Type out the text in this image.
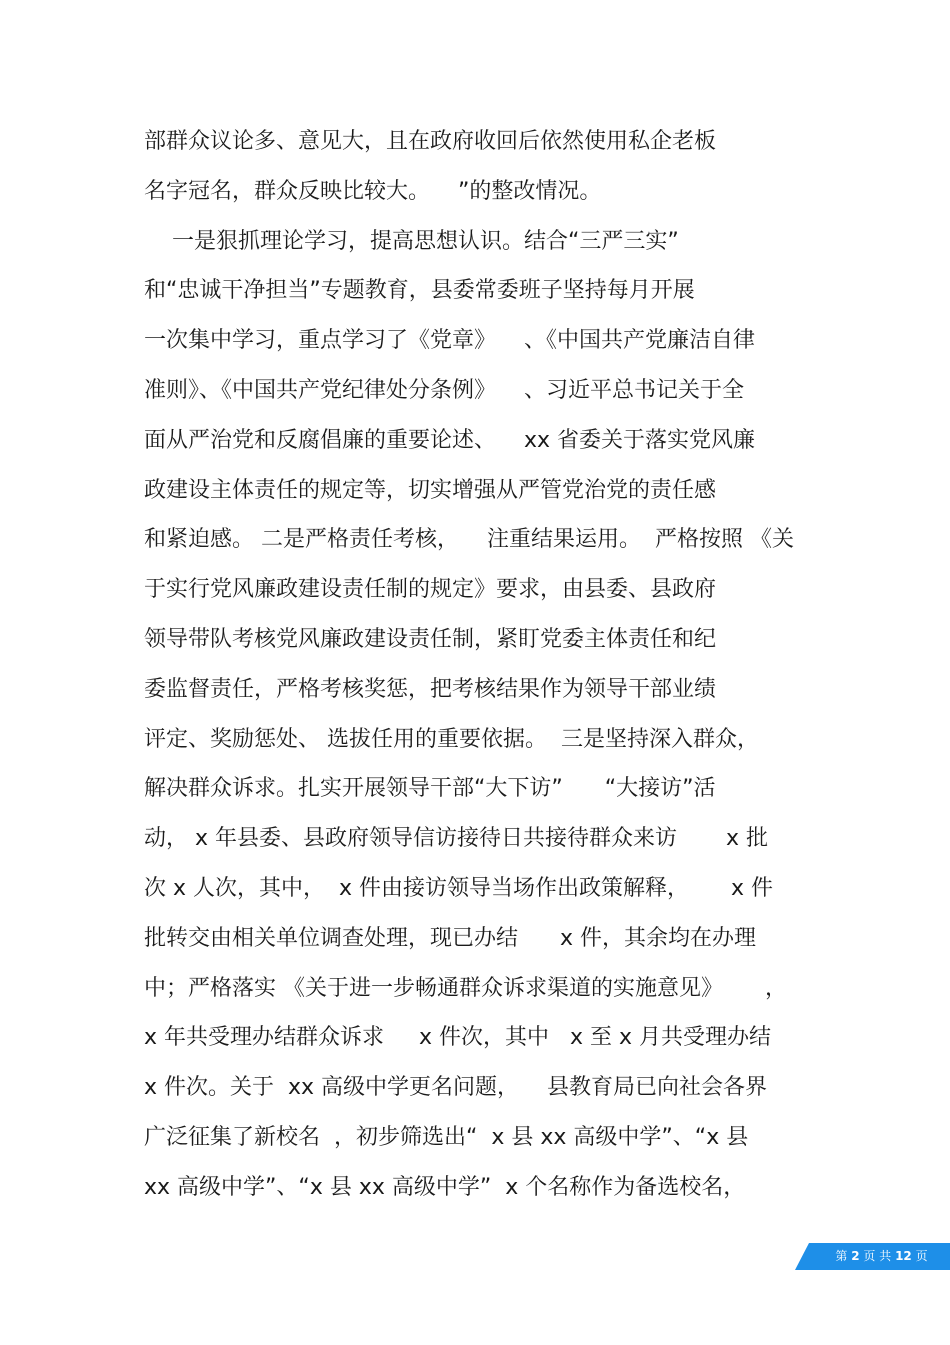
部群众议论多、意见大，且在政府收回后依然使用私企老板
名字冠名，群众反映比较大。    ”的整改情况。
一是狠抓理论学习，提高思想认识。结合“三严三实”
和“忠诚干净担当”专题教育，县委常委班子坚持每月开展
一次集中学习，重点学习了《党章》    、《中国共产党廉洁自律
准则》、《中国共产党纪律处分条例》    、习近平总书记关于全
面从严治党和反腐倡廉的重要论述、    xx 省委关于落实党风廉
政建设主体责任的规定等，切实增强从严管党治党的责任感
和紧迫感。 二是严格责任考核，    注重结果运用。  严格按照 《关
于实行党风廉政建设责任制的规定》要求，由县委、县政府
领导带队考核党风廉政建设责任制，紧盯党委主体责任和纪
委监督责任，严格考核奖惩，把考核结果作为领导干部业绩
评定、奖励惩处、 选拔任用的重要依据。  三是坚持深入群众，
解决群众诉求。扎实开展领导干部“大下访”      “大接访”活
动， x 年县委、县政府领导信访接待日共接待群众来访       x 批
次 x 人次，其中，  x 件由接访领导当场作出政策解释，      x 件
批转交由相关单位调查处理，现已办结      x 件，其余均在办理
中；严格落实 《关于进一步畅通群众诉求渠道的实施意见》      ，
x 年共受理办结群众诉求     x 件次，其中   x 至 x 月共受理办结
x 件次。关于  xx 高级中学更名问题，    县教育局已向社会各界
广泛征集了新校名  ，初步筛选出“  x 县 xx 高级中学”、“x 县
xx 高级中学”、“x 县 xx 高级中学”  x 个名称作为备选校名，
第 2 页 共 12 页
